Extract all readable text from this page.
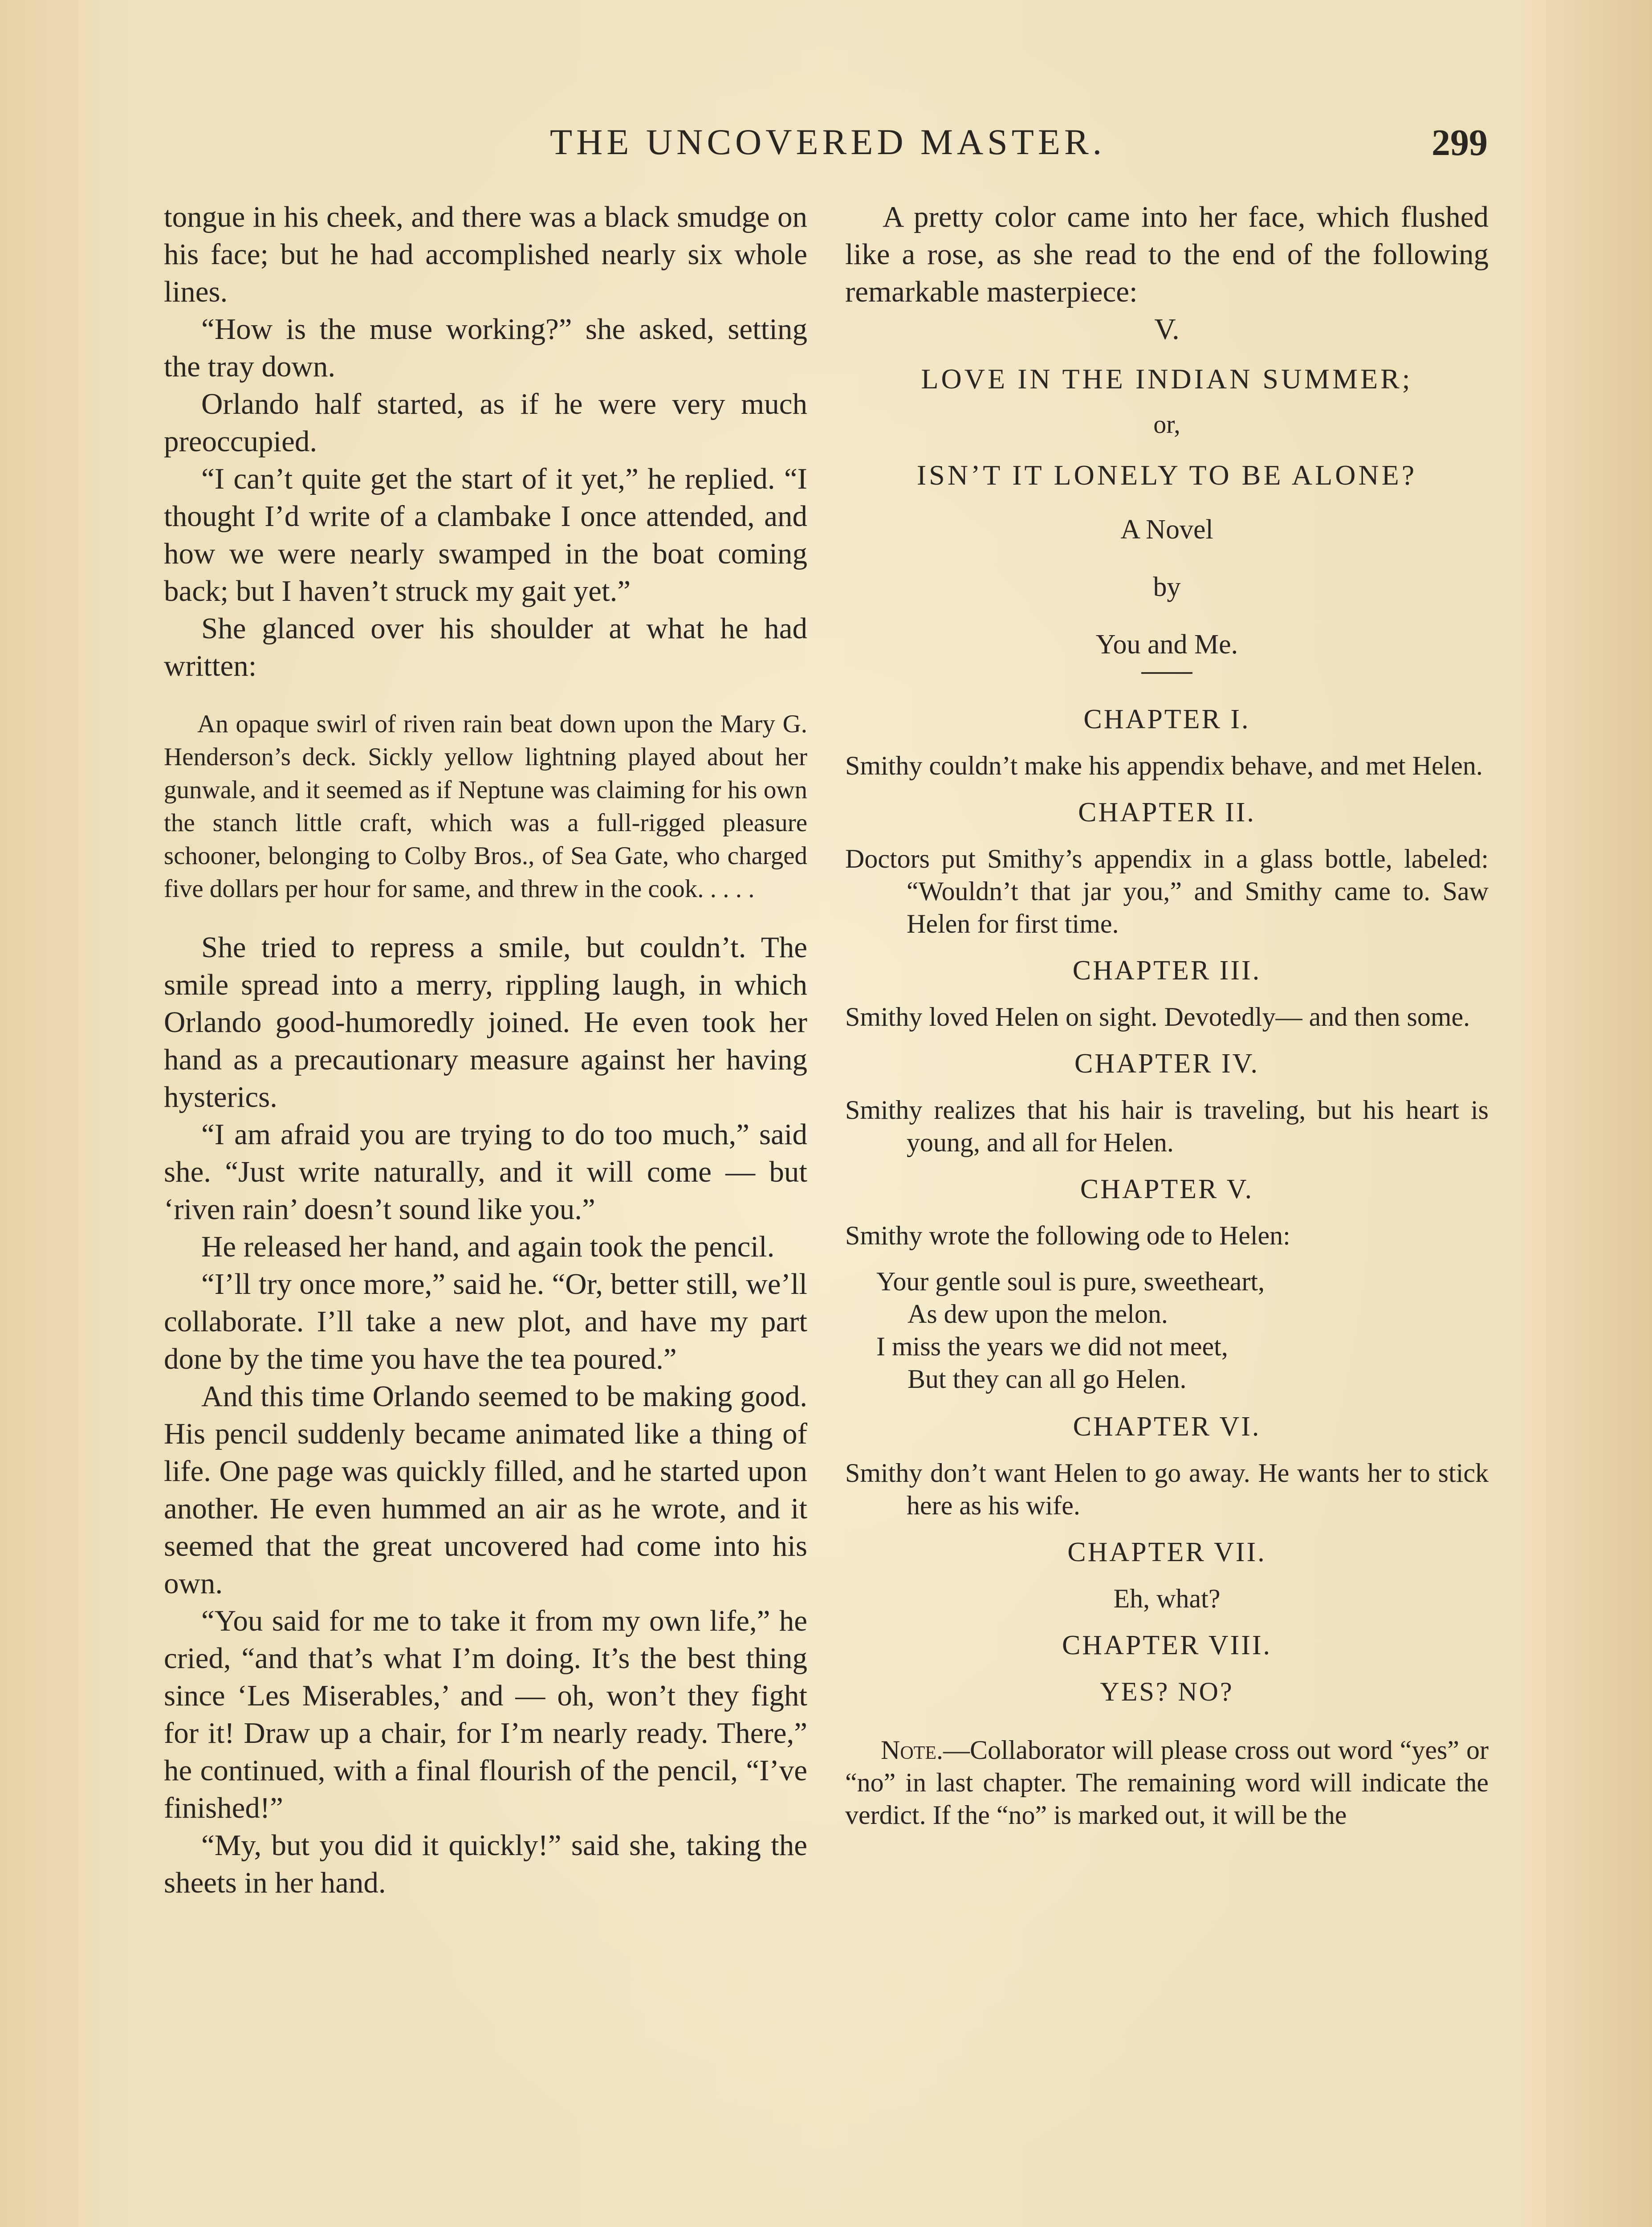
THE UNCOVERED MASTER.	299

tongue in his cheek, and there was a black smudge on his face; but he had accomplished nearly six whole lines.

“How is the muse working?” she asked, setting the tray down.

Orlando half started, as if he were very much preoccupied.

“I can’t quite get the start of it yet,” he replied. “I thought I’d write of a clambake I once attended, and how we were nearly swamped in the boat coming back; but I haven’t struck my gait yet.”

She glanced over his shoulder at what he had written:

An opaque swirl of riven rain beat down upon the Mary G. Henderson’s deck. Sickly yellow lightning played about her gunwale, and it seemed as if Neptune was claiming for his own the stanch little craft, which was a full-rigged pleasure schooner, belonging to Colby Bros., of Sea Gate, who charged five dollars per hour for same, and threw in the cook. . . . .

She tried to repress a smile, but couldn’t. The smile spread into a merry, rippling laugh, in which Orlando good-humoredly joined. He even took her hand as a precautionary measure against her having hysterics.

“I am afraid you are trying to do too much,” said she. “Just write naturally, and it will come — but ‘riven rain’ doesn’t sound like you.”

He released her hand, and again took the pencil.

“I’ll try once more,” said he. “Or, better still, we’ll collaborate. I’ll take a new plot, and have my part done by the time you have the tea poured.”

And this time Orlando seemed to be making good. His pencil suddenly became animated like a thing of life. One page was quickly filled, and he started upon another. He even hummed an air as he wrote, and it seemed that the great uncovered had come into his own.

“You said for me to take it from my own life,” he cried, “and that’s what I’m doing. It’s the best thing since ‘Les Miserables,’ and — oh, won’t they fight for it! Draw up a chair, for I’m nearly ready. There,” he continued, with a final flourish of the pencil, “I’ve finished!”

“My, but you did it quickly!” said she, taking the sheets in her hand.

A pretty color came into her face, which flushed like a rose, as she read to the end of the following remarkable masterpiece:

V.

LOVE IN THE INDIAN SUMMER;

or,

ISN’T IT LONELY TO BE ALONE?

A Novel

by

You and Me.

CHAPTER I.

Smithy couldn’t make his appendix behave, and met Helen.

CHAPTER II.

Doctors put Smithy’s appendix in a glass bottle, labeled: “Wouldn’t that jar you,” and Smithy came to. Saw Helen for first time.

CHAPTER III.

Smithy loved Helen on sight. Devotedly— and then some.

CHAPTER IV.

Smithy realizes that his hair is traveling, but his heart is young, and all for Helen.

CHAPTER V.

Smithy wrote the following ode to Helen:

Your gentle soul is pure, sweetheart,
As dew upon the melon.
I miss the years we did not meet,
But they can all go Helen.
CHAPTER VI.

Smithy don’t want Helen to go away. He wants her to stick here as his wife.

CHAPTER VII.

Eh, what?

CHAPTER VIII.

YES? NO?

Note.—Collaborator will please cross out word “yes” or “no” in last chapter. The remaining word will indicate the verdict. If the “no” is marked out, it will be the
